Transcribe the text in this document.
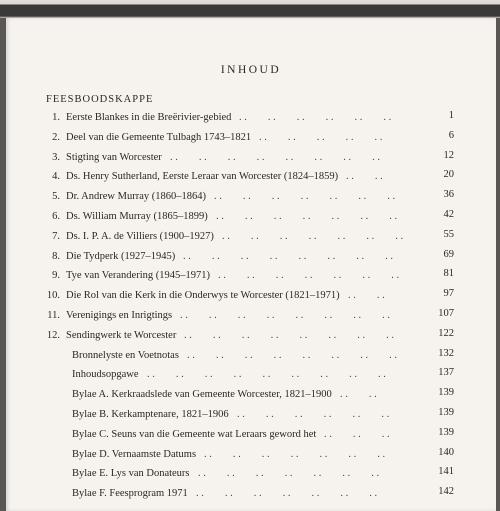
INHOUD
FEESBOODSKAPPE
1. Eerste Blankes in die Breërivier-gebied . .        . .        . .        . .        . .        . .	1
2. Deel van die Gemeente Tulbagh 1743–1821 . .        . .        . .        . .        . .	6
3. Stigting van Worcester . .        . .        . .        . .        . .        . .        . .        . .	12
4. Ds. Henry Sutherland, Eerste Leraar van Worcester (1824–1859) . .        . .	20
5. Dr. Andrew Murray (1860–1864) . .        . .        . .        . .        . .        . .        . .	36
6. Ds. William Murray (1865–1899) . .        . .        . .        . .        . .        . .        . .	42
7. Ds. I. P. A. de Villiers (1900–1927) . .        . .        . .        . .        . .        . .        . .	55
8. Die Tydperk (1927–1945) . .        . .        . .        . .        . .        . .        . .        . .	69
9. Tye van Verandering (1945–1971) . .        . .        . .        . .        . .        . .        . .	81
10. Die Rol van die Kerk in die Onderwys te Worcester (1821–1971) . .        . .	97
11. Verenigings en Inrigtings . .        . .        . .        . .        . .        . .        . .        . .	107
12. Sendingwerk te Worcester . .        . .        . .        . .        . .        . .        . .        . .	122
Bronnelyste en Voetnotas . .        . .        . .        . .        . .        . .        . .        . .	132
Inhoudsopgawe . .        . .        . .        . .        . .        . .        . .        . .        . .	137
Bylae A. Kerkraadslede van Gemeente Worcester, 1821–1900 . .        . .	139
Bylae B. Kerkamptenare, 1821–1906 . .        . .        . .        . .        . .        . .	139
Bylae C. Seuns van die Gemeente wat Leraars geword het . .        . .        . .	139
Bylae D. Vernaamste Datums . .        . .        . .        . .        . .        . .        . .	140
Bylae E. Lys van Donateurs . .        . .        . .        . .        . .        . .        . .	141
Bylae F. Feesprogram 1971 . .        . .        . .        . .        . .        . .        . .	142
